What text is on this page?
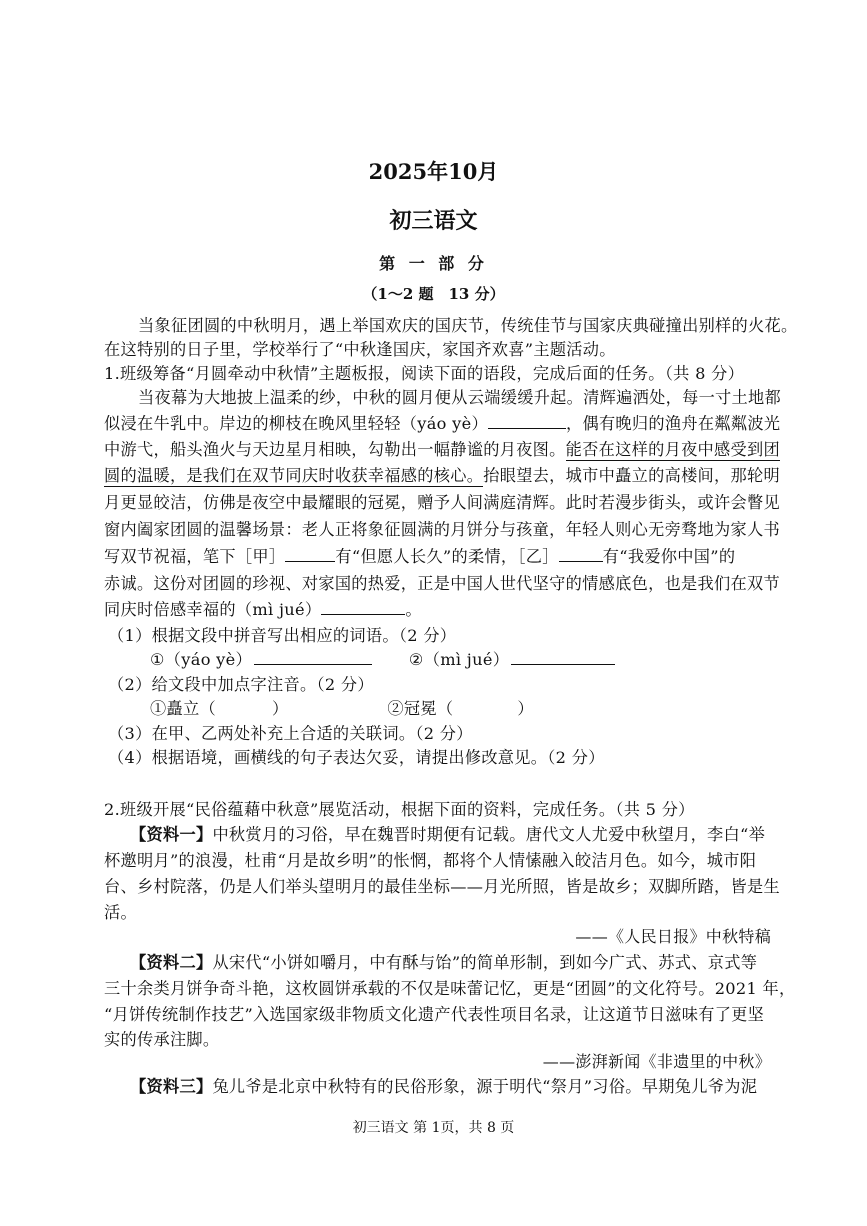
2025年10月
初三语文
第 一 部 分
（1～2 题　13 分）
当象征团圆的中秋明月，遇上举国欢庆的国庆节，传统佳节与国家庆典碰撞出别样的火花。
在这特别的日子里，学校举行了“中秋逢国庆，家国齐欢喜”主题活动。
1.班级筹备“月圆牵动中秋情”主题板报，阅读下面的语段，完成后面的任务。（共 8 分）
当夜幕为大地披上温柔的纱，中秋的圆月便从云端缓缓升起。清辉遍洒处，每一寸土地都
似浸在牛乳中。岸边的柳枝在晚风里轻轻（yáo yè）	，偶有晚归的渔舟在粼粼波光
中游弋，船头渔火与天边星月相映，勾勒出一幅静谧的月夜图。能否在这样的月夜中感受到团
圆的温暖，是我们在双节同庆时收获幸福感的核心。抬眼望去，城市中矗立的高楼间，那轮明
月更显皎洁，仿佛是夜空中最耀眼的冠冕，赠予人间满庭清辉。此时若漫步街头，或许会瞥见
窗内阖家团圆的温馨场景：老人正将象征圆满的月饼分与孩童，年轻人则心无旁骛地为家人书
写双节祝福，笔下［甲］	有“但愿人长久”的柔情，［乙］	有“我爱你中国”的
赤诚。这份对团圆的珍视、对家国的热爱，正是中国人世代坚守的情感底色，也是我们在双节
同庆时倍感幸福的（mì jué）	。
（1）根据文段中拼音写出相应的词语。（2 分）
①（yáo yè）	②（mì jué）
（2）给文段中加点字注音。（2 分）
①矗立（	）	②冠冕（	）
（3）在甲、乙两处补充上合适的关联词。（2 分）
（4）根据语境，画横线的句子表达欠妥，请提出修改意见。（2 分）
2.班级开展“民俗蕴藉中秋意”展览活动，根据下面的资料，完成任务。（共 5 分）
【资料一】中秋赏月的习俗，早在魏晋时期便有记载。唐代文人尤爱中秋望月，李白“举
杯邀明月”的浪漫，杜甫“月是故乡明”的怅惘，都将个人情愫融入皎洁月色。如今，城市阳
台、乡村院落，仍是人们举头望明月的最佳坐标——月光所照，皆是故乡；双脚所踏，皆是生
活。
——《人民日报》中秋特稿
【资料二】从宋代“小饼如嚼月，中有酥与饴”的简单形制，到如今广式、苏式、京式等
三十余类月饼争奇斗艳，这枚圆饼承载的不仅是味蕾记忆，更是“团圆”的文化符号。2021 年，
“月饼传统制作技艺”入选国家级非物质文化遗产代表性项目名录，让这道节日滋味有了更坚
实的传承注脚。
——澎湃新闻《非遗里的中秋》
【资料三】兔儿爷是北京中秋特有的民俗形象，源于明代“祭月”习俗。早期兔儿爷为泥
初三语文 第 1页，共 8 页
